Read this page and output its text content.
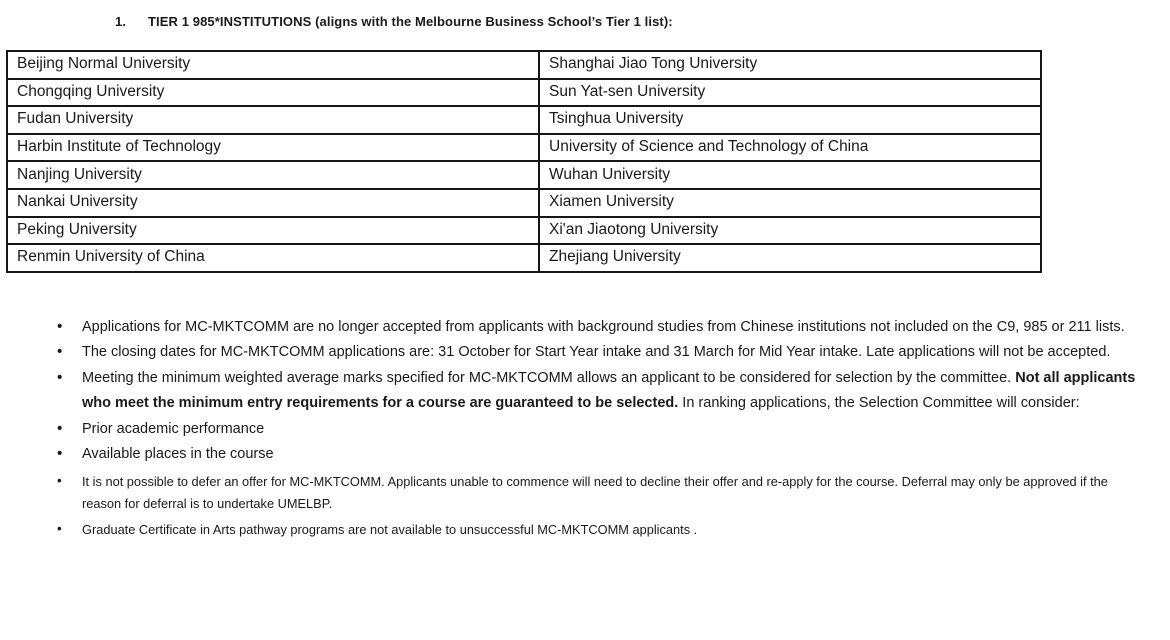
1.	TIER 1 985*INSTITUTIONS (aligns with the Melbourne Business School’s Tier 1 list):
Beijing Normal University	Shanghai Jiao Tong University
Chongqing University	Sun Yat-sen University
Fudan University	Tsinghua University
Harbin Institute of Technology	University of Science and Technology of China
Nanjing University	Wuhan University
Nankai University	Xiamen University
Peking University	Xi'an Jiaotong University
Renmin University of China	Zhejiang University
• Applications for MC-MKTCOMM are no longer accepted from applicants with background studies from Chinese institutions not included on the C9, 985 or 211 lists.
• The closing dates for MC-MKTCOMM applications are: 31 October for Start Year intake and 31 March for Mid Year intake. Late applications will not be accepted.
• Meeting the minimum weighted average marks specified for MC-MKTCOMM allows an applicant to be considered for selection by the committee. Not all applicants who meet the minimum entry requirements for a course are guaranteed to be selected. In ranking applications, the Selection Committee will consider:
• Prior academic performance
• Available places in the course
• It is not possible to defer an offer for MC-MKTCOMM. Applicants unable to commence will need to decline their offer and re-apply for the course. Deferral may only be approved if the reason for deferral is to undertake UMELBP.
• Graduate Certificate in Arts pathway programs are not available to unsuccessful MC-MKTCOMM applicants .
